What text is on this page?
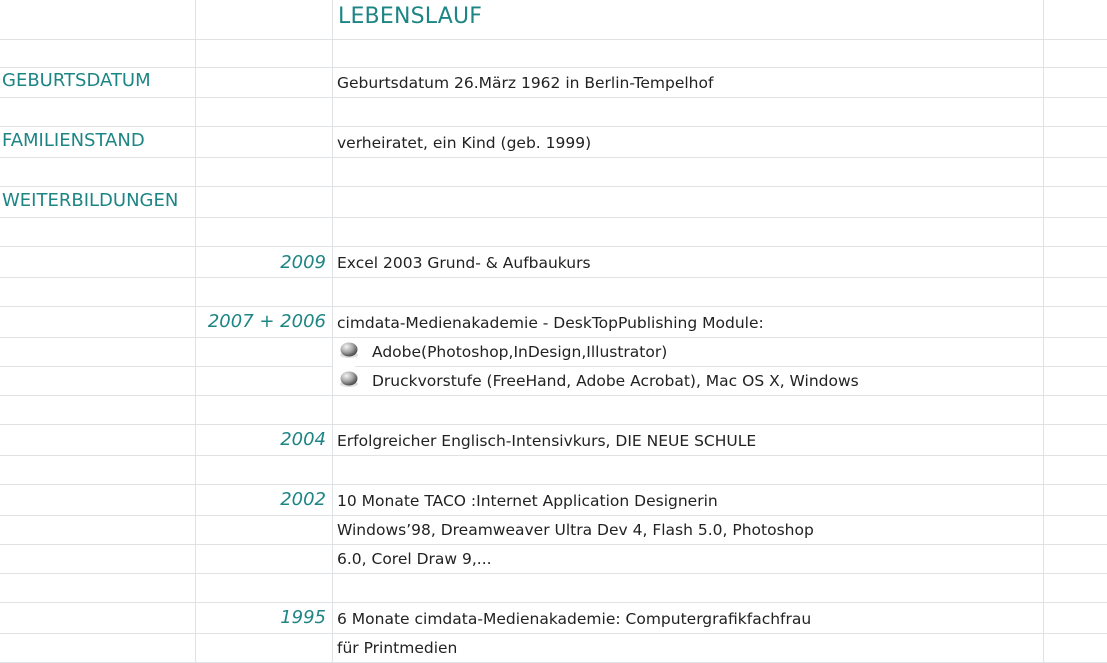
LEBENSLAUF
GEBURTSDATUM
FAMILIENSTAND
WEITERBILDUNGEN
Geburtsdatum 26.März 1962 in Berlin-Tempelhof
verheiratet, ein Kind (geb. 1999)
2009 Excel 2003 Grund- & Aufbaukurs
2007 + 2006 cimdata-Medienakademie - DeskTopPublishing Module:
Adobe(Photoshop,InDesign,Illustrator)
Druckvorstufe (FreeHand, Adobe Acrobat), Mac OS X, Windows
2004 Erfolgreicher Englisch-Intensivkurs, DIE NEUE SCHULE
2002 10 Monate TACO :Internet Application Designerin
Windows’98, Dreamweaver Ultra Dev 4, Flash 5.0, Photoshop
6.0, Corel Draw 9,...
1995 6 Monate cimdata-Medienakademie: Computergrafikfachfrau
für Printmedien
